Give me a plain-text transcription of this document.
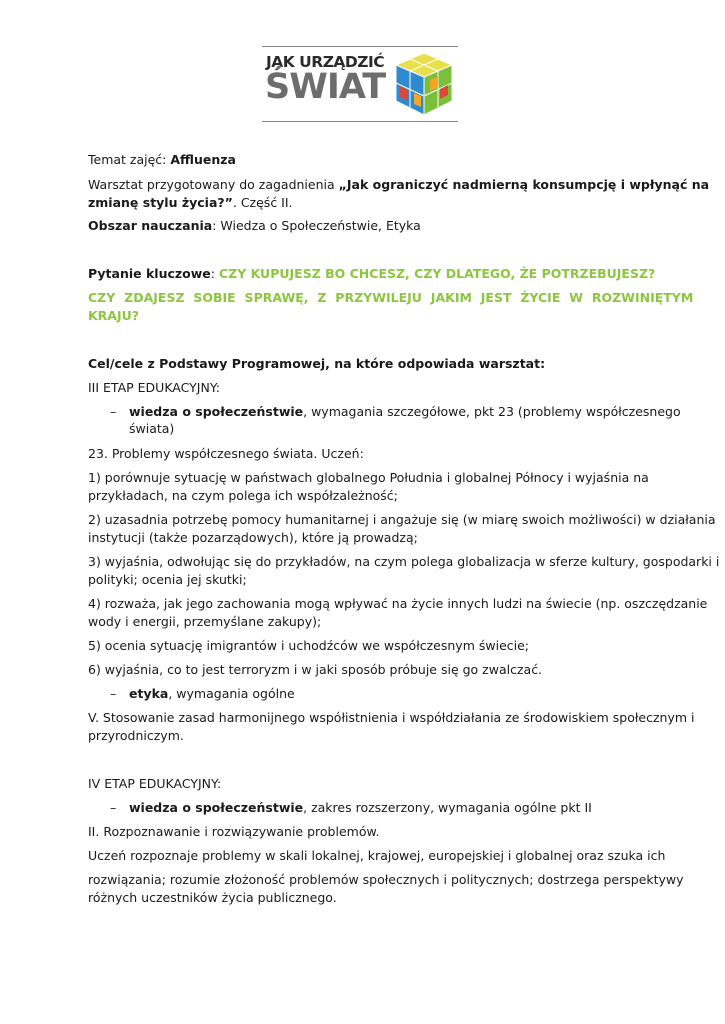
JAK URZĄDZIĆ
ŚWIAT
Temat zajęć: Affluenza
Warsztat przygotowany do zagadnienia „Jak ograniczyć nadmierną konsumpcję i wpłynąć na
zmianę stylu życia?”. Część II.
Obszar nauczania: Wiedza o Społeczeństwie, Etyka
Pytanie kluczowe: CZY KUPUJESZ BO CHCESZ, CZY DLATEGO, ŻE POTRZEBUJESZ?
CZY ZDAJESZ SOBIE SPRAWĘ, Z PRZYWILEJU JAKIM JEST ŻYCIE W ROZWINIĘTYM
KRAJU?
Cel/cele z Podstawy Programowej, na które odpowiada warsztat:
III ETAP EDUKACYJNY:
– wiedza o społeczeństwie, wymagania szczegółowe, pkt 23 (problemy współczesnego
świata)
23. Problemy współczesnego świata. Uczeń:
1) porównuje sytuację w państwach globalnego Południa i globalnej Północy i wyjaśnia na
przykładach, na czym polega ich współzależność;
2) uzasadnia potrzebę pomocy humanitarnej i angażuje się (w miarę swoich możliwości) w działania
instytucji (także pozarządowych), które ją prowadzą;
3) wyjaśnia, odwołując się do przykładów, na czym polega globalizacja w sferze kultury, gospodarki i
polityki; ocenia jej skutki;
4) rozważa, jak jego zachowania mogą wpływać na życie innych ludzi na świecie (np. oszczędzanie
wody i energii, przemyślane zakupy);
5) ocenia sytuację imigrantów i uchodźców we współczesnym świecie;
6) wyjaśnia, co to jest terroryzm i w jaki sposób próbuje się go zwalczać.
– etyka, wymagania ogólne
V. Stosowanie zasad harmonijnego współistnienia i współdziałania ze środowiskiem społecznym i
przyrodniczym.
IV ETAP EDUKACYJNY:
– wiedza o społeczeństwie, zakres rozszerzony, wymagania ogólne pkt II
II. Rozpoznawanie i rozwiązywanie problemów.
Uczeń rozpoznaje problemy w skali lokalnej, krajowej, europejskiej i globalnej oraz szuka ich
rozwiązania; rozumie złożoność problemów społecznych i politycznych; dostrzega perspektywy
różnych uczestników życia publicznego.
